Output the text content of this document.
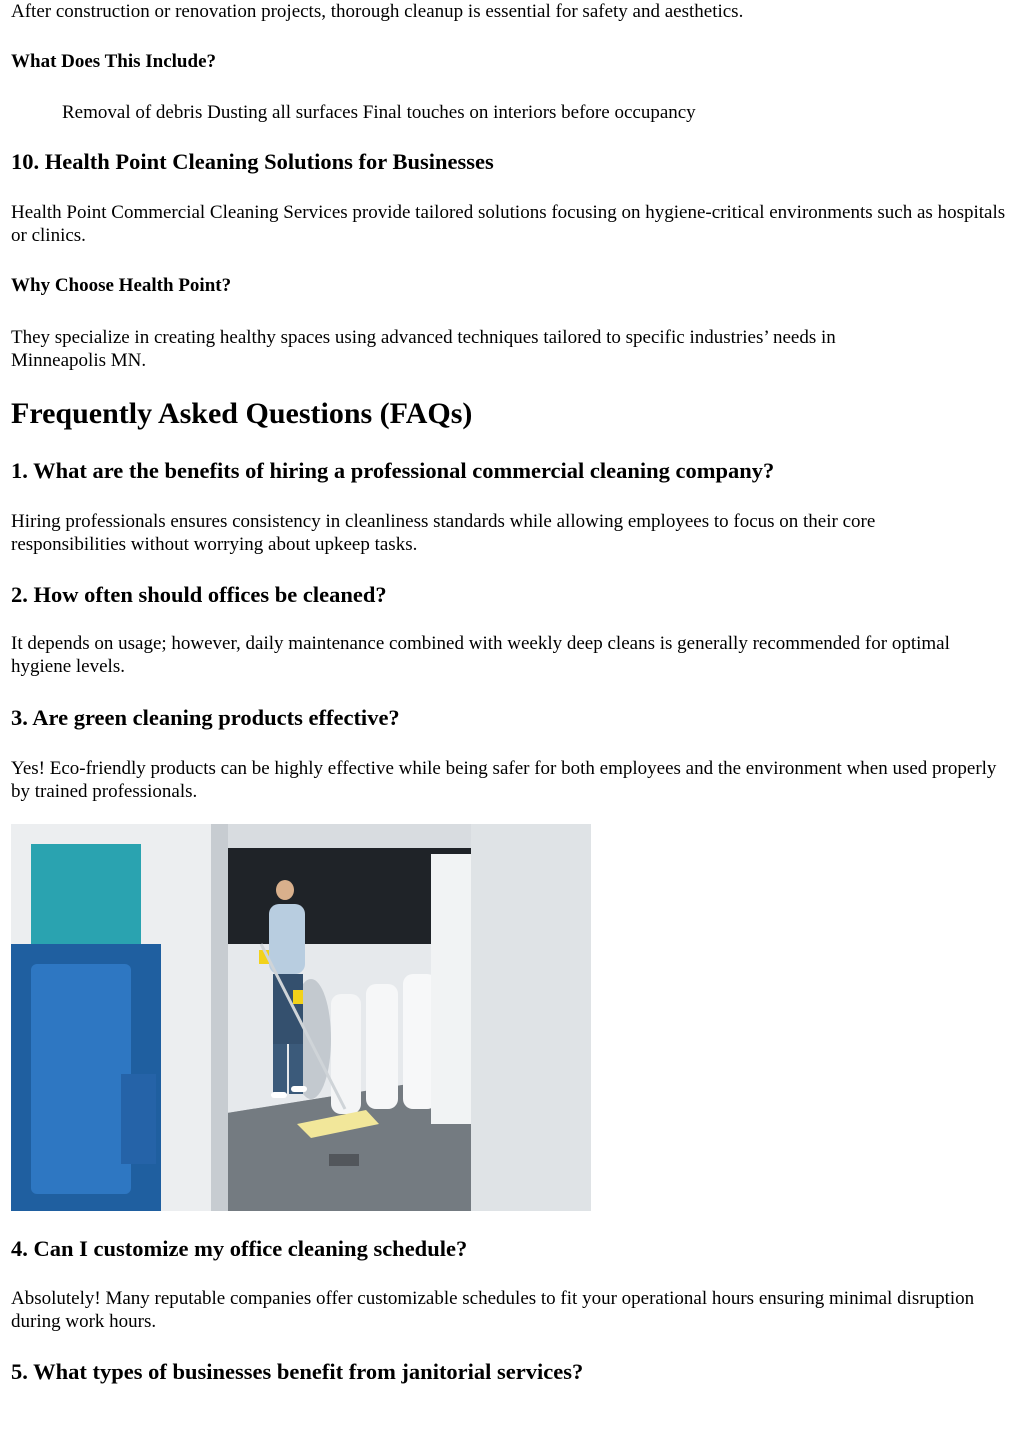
After construction or renovation projects, thorough cleanup is essential for safety and aesthetics.

What Does This Include?

Removal of debris Dusting all surfaces Final touches on interiors before occupancy

10. Health Point Cleaning Solutions for Businesses

Health Point Commercial Cleaning Services provide tailored solutions focusing on hygiene-critical environments such as hospitals or clinics.

Why Choose Health Point?

They specialize in creating healthy spaces using advanced techniques tailored to specific industries’ needs in Minneapolis MN.

Frequently Asked Questions (FAQs)
1. What are the benefits of hiring a professional commercial cleaning company?

Hiring professionals ensures consistency in cleanliness standards while allowing employees to focus on their core responsibilities without worrying about upkeep tasks.

2. How often should offices be cleaned?

It depends on usage; however, daily maintenance combined with weekly deep cleans is generally recommended for optimal hygiene levels.

3. Are green cleaning products effective?

Yes! Eco-friendly products can be highly effective while being safer for both employees and the environment when used properly by trained professionals.

4. Can I customize my office cleaning schedule?

Absolutely! Many reputable companies offer customizable schedules to fit your operational hours ensuring minimal disruption during work hours.

5. What types of businesses benefit from janitorial services?
